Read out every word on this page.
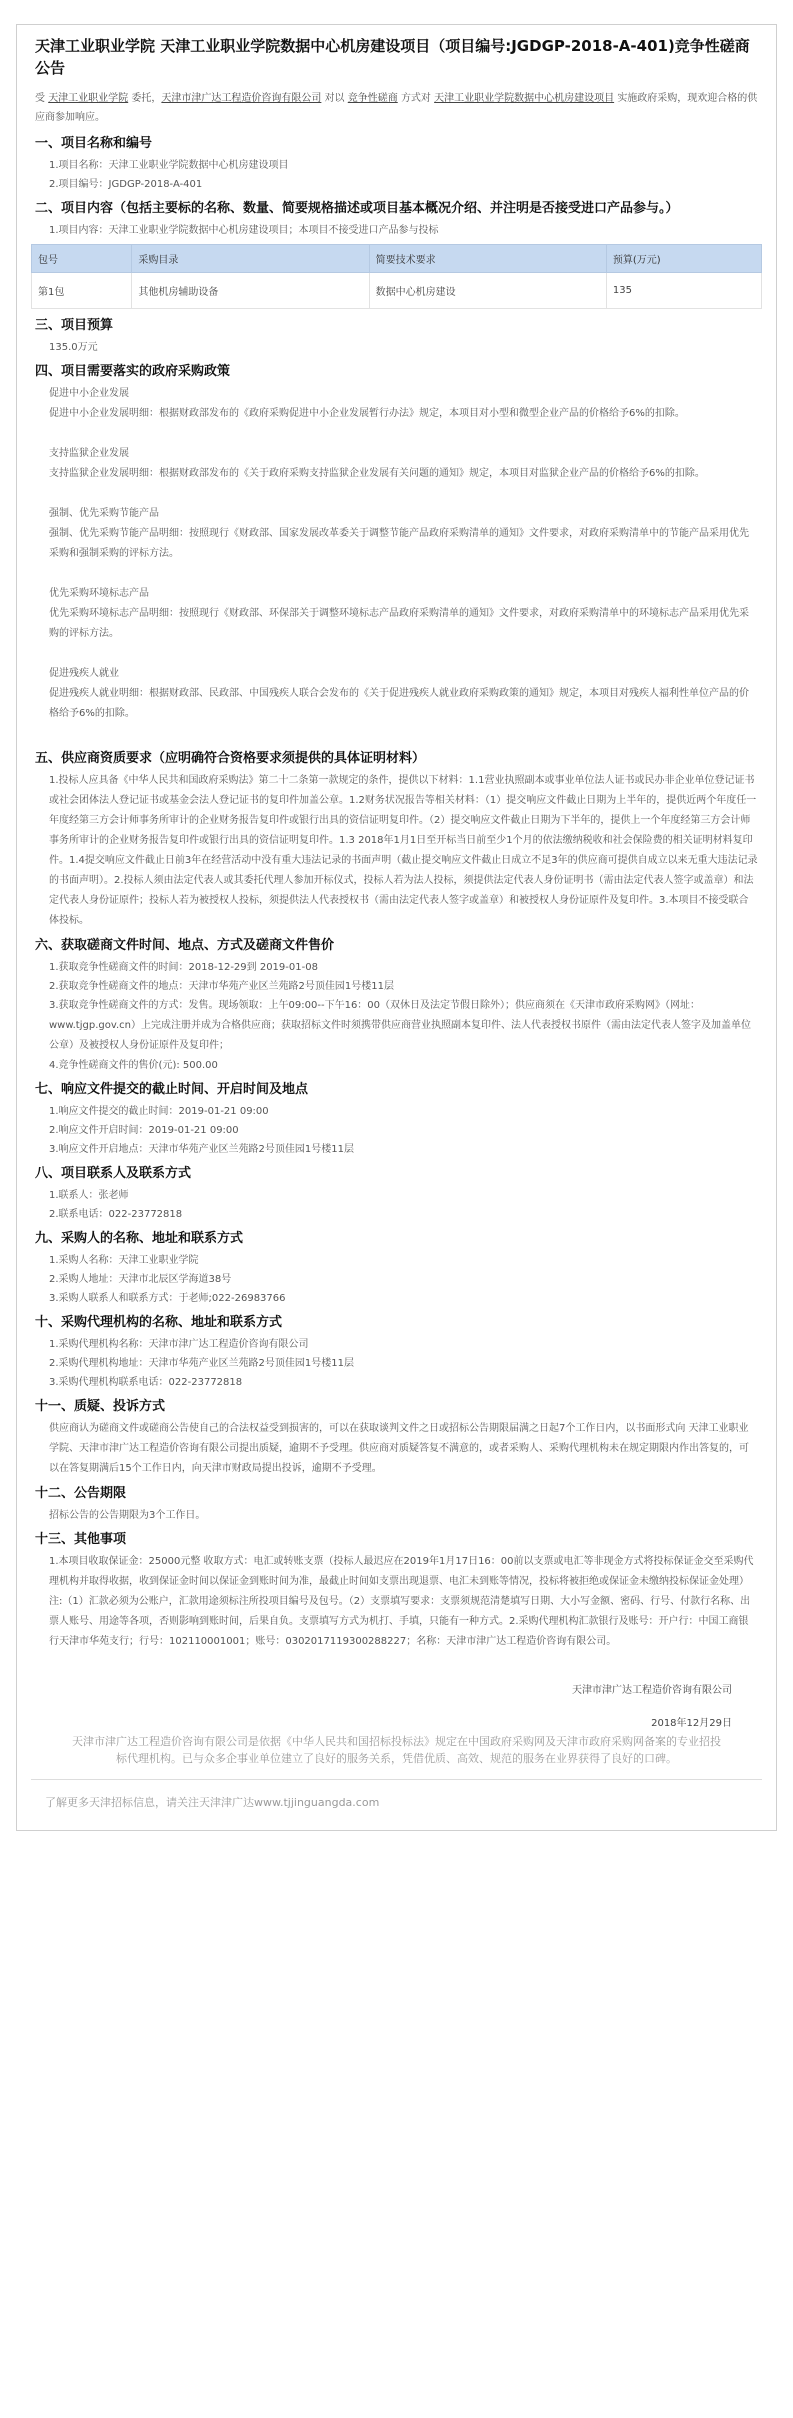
天津工业职业学院 天津工业职业学院数据中心机房建设项目（项目编号:JGDGP-2018-A-401)竞争性磋商公告
受 天津工业职业学院 委托，天津市津广达工程造价咨询有限公司 对以 竞争性磋商 方式对 天津工业职业学院数据中心机房建设项目 实施政府采购，现欢迎合格的供应商参加响应。
一、项目名称和编号
1.项目名称：天津工业职业学院数据中心机房建设项目
2.项目编号：JGDGP-2018-A-401
二、项目内容（包括主要标的名称、数量、简要规格描述或项目基本概况介绍、并注明是否接受进口产品参与。）
1.项目内容：天津工业职业学院数据中心机房建设项目；本项目不接受进口产品参与投标
包号	采购目录	简要技术要求	预算(万元)
第1包	其他机房辅助设备	数据中心机房建设	135
三、项目预算
135.0万元
四、项目需要落实的政府采购政策
促进中小企业发展
促进中小企业发展明细：根据财政部发布的《政府采购促进中小企业发展暂行办法》规定，本项目对小型和微型企业产品的价格给予6%的扣除。
支持监狱企业发展
支持监狱企业发展明细：根据财政部发布的《关于政府采购支持监狱企业发展有关问题的通知》规定，本项目对监狱企业产品的价格给予6%的扣除。
强制、优先采购节能产品
强制、优先采购节能产品明细：按照现行《财政部、国家发展改革委关于调整节能产品政府采购清单的通知》文件要求，对政府采购清单中的节能产品采用优先采购和强制采购的评标方法。
优先采购环境标志产品
优先采购环境标志产品明细：按照现行《财政部、环保部关于调整环境标志产品政府采购清单的通知》文件要求，对政府采购清单中的环境标志产品采用优先采购的评标方法。
促进残疾人就业
促进残疾人就业明细：根据财政部、民政部、中国残疾人联合会发布的《关于促进残疾人就业政府采购政策的通知》规定，本项目对残疾人福利性单位产品的价格给予6%的扣除。
五、供应商资质要求（应明确符合资格要求须提供的具体证明材料）
1.投标人应具备《中华人民共和国政府采购法》第二十二条第一款规定的条件，提供以下材料：1.1营业执照副本或事业单位法人证书或民办非企业单位登记证书或社会团体法人登记证书或基金会法人登记证书的复印件加盖公章。1.2财务状况报告等相关材料：（1）提交响应文件截止日期为上半年的，提供近两个年度任一年度经第三方会计师事务所审计的企业财务报告复印件或银行出具的资信证明复印件。（2）提交响应文件截止日期为下半年的，提供上一个年度经第三方会计师事务所审计的企业财务报告复印件或银行出具的资信证明复印件。1.3 2018年1月1日至开标当日前至少1个月的依法缴纳税收和社会保险费的相关证明材料复印件。1.4提交响应文件截止日前3年在经营活动中没有重大违法记录的书面声明（截止提交响应文件截止日成立不足3年的供应商可提供自成立以来无重大违法记录的书面声明）。2.投标人须由法定代表人或其委托代理人参加开标仪式，投标人若为法人投标，须提供法定代表人身份证明书（需由法定代表人签字或盖章）和法定代表人身份证原件；投标人若为被授权人投标，须提供法人代表授权书（需由法定代表人签字或盖章）和被授权人身份证原件及复印件。3.本项目不接受联合体投标。
六、获取磋商文件时间、地点、方式及磋商文件售价
1.获取竞争性磋商文件的时间：2018-12-29到 2019-01-08
2.获取竞争性磋商文件的地点：天津市华苑产业区兰苑路2号顶佳园1号楼11层
3.获取竞争性磋商文件的方式：发售。现场领取：上午09:00--下午16：00（双休日及法定节假日除外）；供应商须在《天津市政府采购网》（网址：www.tjgp.gov.cn）上完成注册并成为合格供应商；获取招标文件时须携带供应商营业执照副本复印件、法人代表授权书原件（需由法定代表人签字及加盖单位公章）及被授权人身份证原件及复印件；
4.竞争性磋商文件的售价(元): 500.00
七、响应文件提交的截止时间、开启时间及地点
1.响应文件提交的截止时间：2019-01-21 09:00
2.响应文件开启时间：2019-01-21 09:00
3.响应文件开启地点：天津市华苑产业区兰苑路2号顶佳园1号楼11层
八、项目联系人及联系方式
1.联系人：张老师
2.联系电话：022-23772818
九、采购人的名称、地址和联系方式
1.采购人名称：天津工业职业学院
2.采购人地址：天津市北辰区学海道38号
3.采购人联系人和联系方式：于老师;022-26983766
十、采购代理机构的名称、地址和联系方式
1.采购代理机构名称：天津市津广达工程造价咨询有限公司
2.采购代理机构地址：天津市华苑产业区兰苑路2号顶佳园1号楼11层
3.采购代理机构联系电话：022-23772818
十一、质疑、投诉方式
供应商认为磋商文件或磋商公告使自己的合法权益受到损害的，可以在获取谈判文件之日或招标公告期限届满之日起7个工作日内，以书面形式向 天津工业职业学院、天津市津广达工程造价咨询有限公司提出质疑，逾期不予受理。供应商对质疑答复不满意的，或者采购人、采购代理机构未在规定期限内作出答复的，可以在答复期满后15个工作日内，向天津市财政局提出投诉，逾期不予受理。
十二、公告期限
招标公告的公告期限为3个工作日。
十三、其他事项
1.本项目收取保证金：25000元整 收取方式：电汇或转账支票（投标人最迟应在2019年1月17日16：00前以支票或电汇等非现金方式将投标保证金交至采购代理机构并取得收据，收到保证金时间以保证金到账时间为准，最截止时间如支票出现退票、电汇未到账等情况，投标将被拒绝或保证金未缴纳投标保证金处理）注:（1）汇款必须为公账户，汇款用途须标注所投项目编号及包号。（2）支票填写要求：支票须规范清楚填写日期、大小写金额、密码、行号、付款行名称、出票人账号、用途等各项，否则影响到账时间，后果自负。支票填写方式为机打、手填，只能有一种方式。2.采购代理机构汇款银行及账号：开户行：中国工商银行天津市华苑支行；行号：102110001001；账号：0302017119300288227；名称：天津市津广达工程造价咨询有限公司。
天津市津广达工程造价咨询有限公司
2018年12月29日
天津市津广达工程造价咨询有限公司是依据《中华人民共和国招标投标法》规定在中国政府采购网及天津市政府采购网备案的专业招投标代理机构。已与众多企事业单位建立了良好的服务关系，凭借优质、高效、规范的服务在业界获得了良好的口碑。
了解更多天津招标信息，请关注天津津广达www.tjjinguangda.com
